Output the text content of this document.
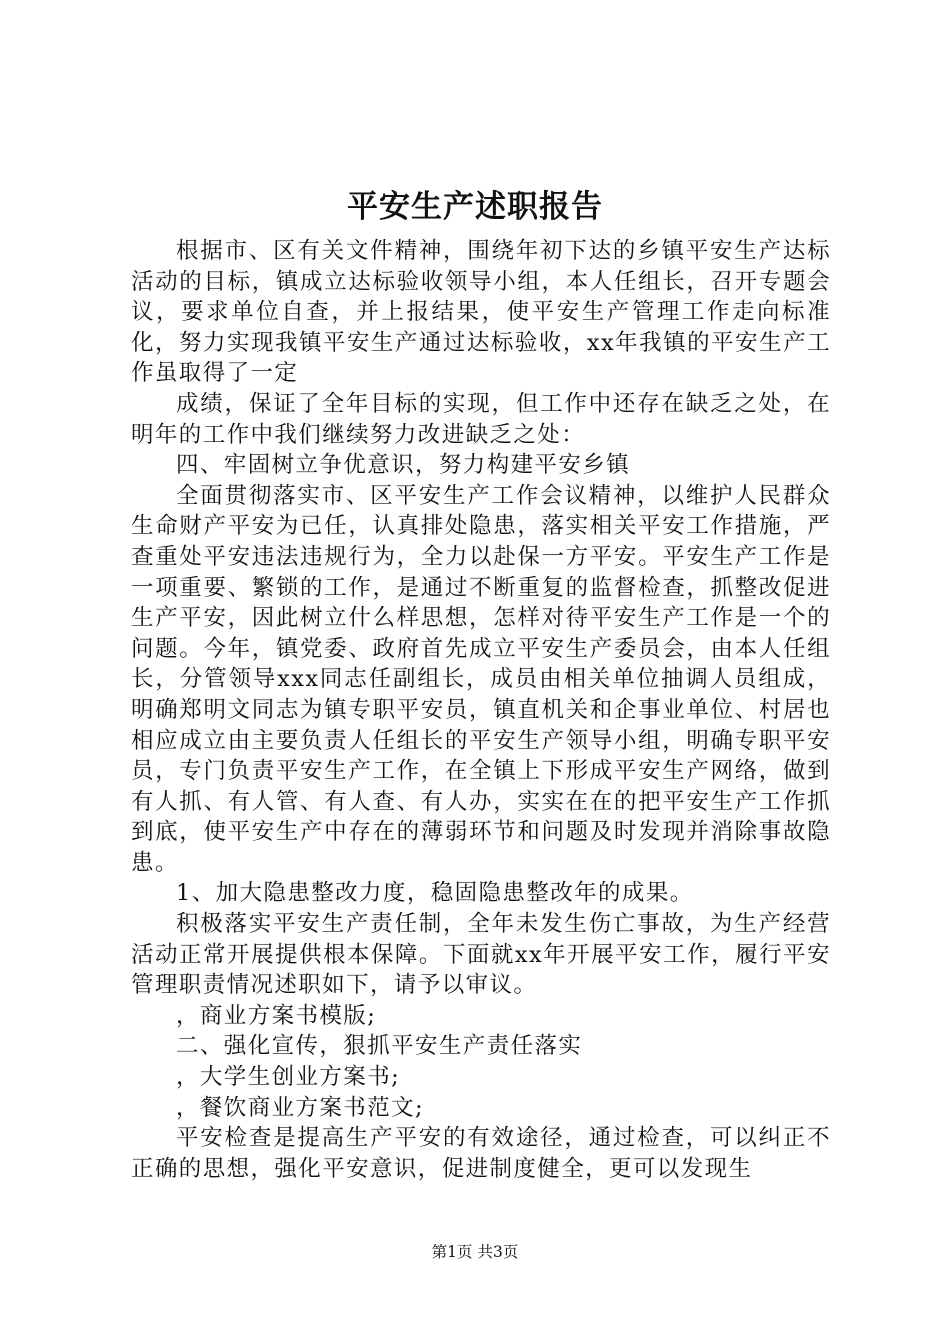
平安生产述职报告

根据市、区有关文件精神，围绕年初下达的乡镇平安生产达标活动的目标，镇成立达标验收领导小组，本人任组长，召开专题会议，要求单位自查，并上报结果，使平安生产管理工作走向标准化，努力实现我镇平安生产通过达标验收，xx年我镇的平安生产工作虽取得了一定

成绩，保证了全年目标的实现，但工作中还存在缺乏之处，在明年的工作中我们继续努力改进缺乏之处：

四、牢固树立争优意识，努力构建平安乡镇

全面贯彻落实市、区平安生产工作会议精神，以维护人民群众生命财产平安为已任，认真排处隐患，落实相关平安工作措施，严查重处平安违法违规行为，全力以赴保一方平安。平安生产工作是一项重要、繁锁的工作，是通过不断重复的监督检查，抓整改促进生产平安，因此树立什么样思想，怎样对待平安生产工作是一个的问题。今年，镇党委、政府首先成立平安生产委员会，由本人任组长，分管领导xxx同志任副组长，成员由相关单位抽调人员组成，明确郑明文同志为镇专职平安员，镇直机关和企事业单位、村居也相应成立由主要负责人任组长的平安生产领导小组，明确专职平安员，专门负责平安生产工作，在全镇上下形成平安生产网络，做到有人抓、有人管、有人查、有人办，实实在在的把平安生产工作抓到底，使平安生产中存在的薄弱环节和问题及时发现并消除事故隐患。

1、加大隐患整改力度，稳固隐患整改年的成果。

积极落实平安生产责任制，全年未发生伤亡事故，为生产经营活动正常开展提供根本保障。下面就xx年开展平安工作，履行平安管理职责情况述职如下，请予以审议。

，商业方案书模版;

二、强化宣传，狠抓平安生产责任落实

，大学生创业方案书;

，餐饮商业方案书范文;

平安检查是提高生产平安的有效途径，通过检查，可以纠正不正确的思想，强化平安意识，促进制度健全，更可以发现生

第1页 共3页
